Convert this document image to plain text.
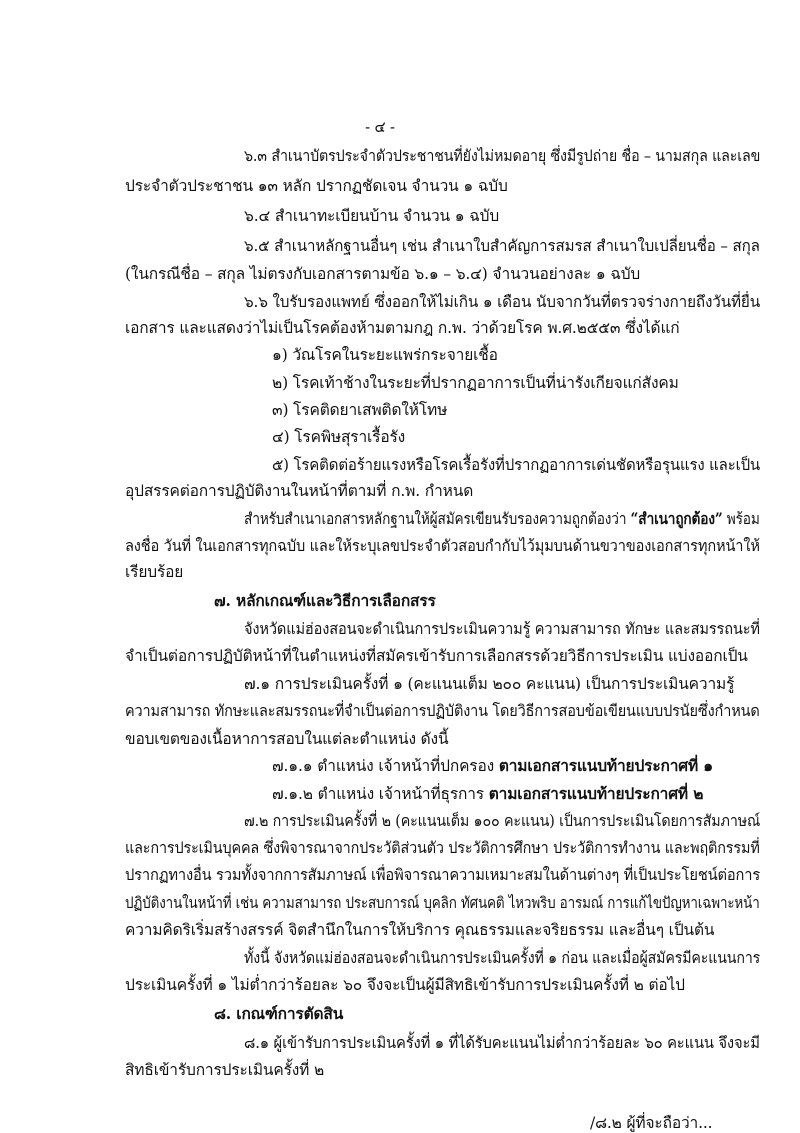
- ๔ -
๖.๓ สำเนาบัตรประจำตัวประชาชนที่ยังไม่หมดอายุ ซึ่งมีรูปถ่าย ชื่อ – นามสกุล และเลข
ประจำตัวประชาชน ๑๓ หลัก ปรากฏชัดเจน จำนวน ๑ ฉบับ
๖.๔ สำเนาทะเบียนบ้าน จำนวน ๑ ฉบับ
๖.๕ สำเนาหลักฐานอื่นๆ เช่น สำเนาใบสำคัญการสมรส สำเนาใบเปลี่ยนชื่อ – สกุล
(ในกรณีชื่อ – สกุล ไม่ตรงกับเอกสารตามข้อ ๖.๑ – ๖.๔) จำนวนอย่างละ ๑ ฉบับ
๖.๖ ใบรับรองแพทย์ ซึ่งออกให้ไม่เกิน ๑ เดือน นับจากวันที่ตรวจร่างกายถึงวันที่ยื่น
เอกสาร และแสดงว่าไม่เป็นโรคต้องห้ามตามกฎ ก.พ. ว่าด้วยโรค พ.ศ.๒๕๕๓ ซึ่งได้แก่
๑) วัณโรคในระยะแพร่กระจายเชื้อ
๒) โรคเท้าช้างในระยะที่ปรากฏอาการเป็นที่น่ารังเกียจแก่สังคม
๓) โรคติดยาเสพติดให้โทษ
๔) โรคพิษสุราเรื้อรัง
๕) โรคติดต่อร้ายแรงหรือโรคเรื้อรังที่ปรากฏอาการเด่นชัดหรือรุนแรง และเป็น
อุปสรรคต่อการปฏิบัติงานในหน้าที่ตามที่ ก.พ. กำหนด
สำหรับสำเนาเอกสารหลักฐานให้ผู้สมัครเขียนรับรองความถูกต้องว่า “สำเนาถูกต้อง” พร้อม
ลงชื่อ วันที่ ในเอกสารทุกฉบับ และให้ระบุเลขประจำตัวสอบกำกับไว้มุมบนด้านขวาของเอกสารทุกหน้าให้
เรียบร้อย
๗. หลักเกณฑ์และวิธีการเลือกสรร
จังหวัดแม่ฮ่องสอนจะดำเนินการประเมินความรู้ ความสามารถ ทักษะ และสมรรถนะที่
จำเป็นต่อการปฏิบัติหน้าที่ในตำแหน่งที่สมัครเข้ารับการเลือกสรรด้วยวิธีการประเมิน แบ่งออกเป็น
๗.๑ การประเมินครั้งที่ ๑ (คะแนนเต็ม ๒๐๐ คะแนน) เป็นการประเมินความรู้
ความสามารถ ทักษะและสมรรถนะที่จำเป็นต่อการปฏิบัติงาน โดยวิธีการสอบข้อเขียนแบบปรนัยซึ่งกำหนด
ขอบเขตของเนื้อหาการสอบในแต่ละตำแหน่ง ดังนี้
๗.๑.๑ ตำแหน่ง เจ้าหน้าที่ปกครอง ตามเอกสารแนบท้ายประกาศที่ ๑
๗.๑.๒ ตำแหน่ง เจ้าหน้าที่ธุรการ ตามเอกสารแนบท้ายประกาศที่ ๒
๗.๒ การประเมินครั้งที่ ๒ (คะแนนเต็ม ๑๐๐ คะแนน) เป็นการประเมินโดยการสัมภาษณ์
และการประเมินบุคคล ซึ่งพิจารณาจากประวัติส่วนตัว ประวัติการศึกษา ประวัติการทำงาน และพฤติกรรมที่
ปรากฏทางอื่น รวมทั้งจากการสัมภาษณ์ เพื่อพิจารณาความเหมาะสมในด้านต่างๆ ที่เป็นประโยชน์ต่อการ
ปฏิบัติงานในหน้าที่ เช่น ความสามารถ ประสบการณ์ บุคลิก ทัศนคติ ไหวพริบ อารมณ์ การแก้ไขปัญหาเฉพาะหน้า
ความคิดริเริ่มสร้างสรรค์ จิตสำนึกในการให้บริการ คุณธรรมและจริยธรรม และอื่นๆ เป็นต้น
ทั้งนี้ จังหวัดแม่ฮ่องสอนจะดำเนินการประเมินครั้งที่ ๑ ก่อน และเมื่อผู้สมัครมีคะแนนการ
ประเมินครั้งที่ ๑ ไม่ต่ำกว่าร้อยละ ๖๐ จึงจะเป็นผู้มีสิทธิเข้ารับการประเมินครั้งที่ ๒ ต่อไป
๘. เกณฑ์การตัดสิน
๘.๑ ผู้เข้ารับการประเมินครั้งที่ ๑ ที่ได้รับคะแนนไม่ต่ำกว่าร้อยละ ๖๐ คะแนน จึงจะมี
สิทธิเข้ารับการประเมินครั้งที่ ๒
/๘.๒ ผู้ที่จะถือว่า...
